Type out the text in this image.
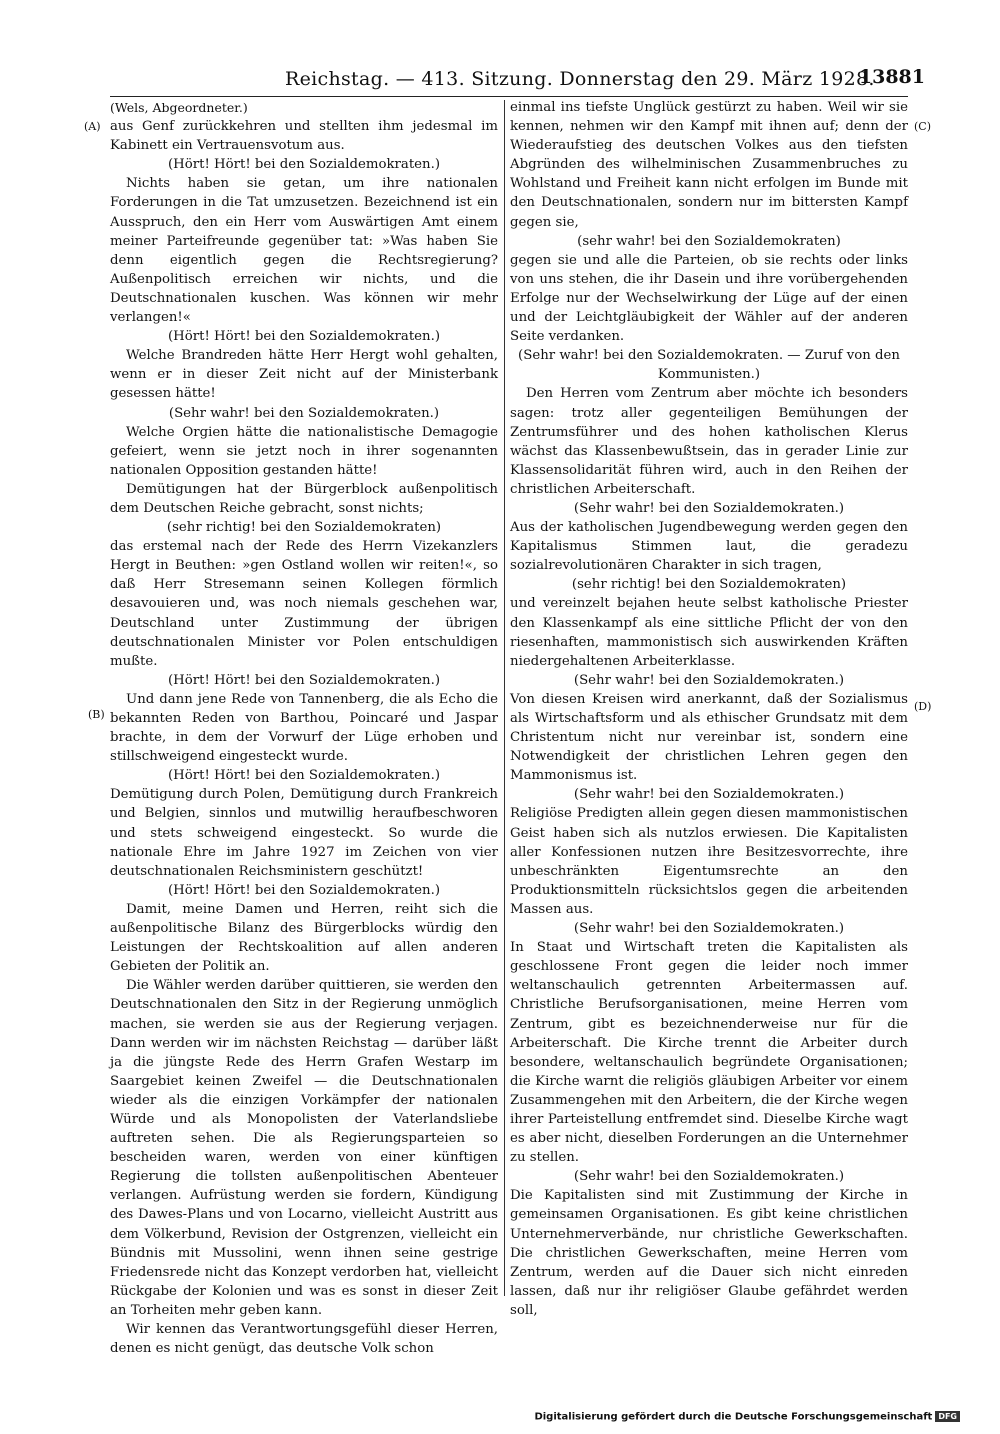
Reichstag. — 413. Sitzung. Donnerstag den 29. März 1928.
13881
(A)
(B)
(C)
(D)

(Wels, Abgeordneter.)

aus Genf zurückkehren und stellten ihm jedesmal im Kabinett ein Vertrauensvotum aus.

(Hört! Hört! bei den Sozialdemokraten.)

Nichts haben sie getan, um ihre nationalen Forderungen in die Tat umzusetzen. Bezeichnend ist ein Ausspruch, den ein Herr vom Auswärtigen Amt einem meiner Parteifreunde gegenüber tat: »Was haben Sie denn eigentlich gegen die Rechtsregierung? Außenpolitisch erreichen wir nichts, und die Deutschnationalen kuschen. Was können wir mehr verlangen!«

(Hört! Hört! bei den Sozialdemokraten.)

Welche Brandreden hätte Herr Hergt wohl gehalten, wenn er in dieser Zeit nicht auf der Ministerbank gesessen hätte!

(Sehr wahr! bei den Sozialdemokraten.)

Welche Orgien hätte die nationalistische Demagogie gefeiert, wenn sie jetzt noch in ihrer sogenannten nationalen Opposition gestanden hätte!

Demütigungen hat der Bürgerblock außenpolitisch dem Deutschen Reiche gebracht, sonst nichts;

(sehr richtig! bei den Sozialdemokraten)

das erstemal nach der Rede des Herrn Vizekanzlers Hergt in Beuthen: »gen Ostland wollen wir reiten!«, so daß Herr Stresemann seinen Kollegen förmlich desavouieren und, was noch niemals geschehen war, Deutschland unter Zustimmung der übrigen deutschnationalen Minister vor Polen entschuldigen mußte.

(Hört! Hört! bei den Sozialdemokraten.)

Und dann jene Rede von Tannenberg, die als Echo die bekannten Reden von Barthou, Poincaré und Jaspar brachte, in dem der Vorwurf der Lüge erhoben und stillschweigend eingesteckt wurde.

(Hört! Hört! bei den Sozialdemokraten.)

Demütigung durch Polen, Demütigung durch Frankreich und Belgien, sinnlos und mutwillig heraufbeschworen und stets schweigend eingesteckt. So wurde die nationale Ehre im Jahre 1927 im Zeichen von vier deutschnationalen Reichsministern geschützt!

(Hört! Hört! bei den Sozialdemokraten.)

Damit, meine Damen und Herren, reiht sich die außenpolitische Bilanz des Bürgerblocks würdig den Leistungen der Rechtskoalition auf allen anderen Gebieten der Politik an.

Die Wähler werden darüber quittieren, sie werden den Deutschnationalen den Sitz in der Regierung unmöglich machen, sie werden sie aus der Regierung verjagen. Dann werden wir im nächsten Reichstag — darüber läßt ja die jüngste Rede des Herrn Grafen Westarp im Saargebiet keinen Zweifel — die Deutschnationalen wieder als die einzigen Vorkämpfer der nationalen Würde und als Monopolisten der Vaterlandsliebe auftreten sehen. Die als Regierungsparteien so bescheiden waren, werden von einer künftigen Regierung die tollsten außenpolitischen Abenteuer verlangen. Aufrüstung werden sie fordern, Kündigung des Dawes-Plans und von Locarno, vielleicht Austritt aus dem Völkerbund, Revision der Ostgrenzen, vielleicht ein Bündnis mit Mussolini, wenn ihnen seine gestrige Friedensrede nicht das Konzept verdorben hat, vielleicht Rückgabe der Kolonien und was es sonst in dieser Zeit an Torheiten mehr geben kann.

Wir kennen das Verantwortungsgefühl dieser Herren, denen es nicht genügt, das deutsche Volk schon

einmal ins tiefste Unglück gestürzt zu haben. Weil wir sie kennen, nehmen wir den Kampf mit ihnen auf; denn der Wiederaufstieg des deutschen Volkes aus den tiefsten Abgründen des wilhelminischen Zusammenbruches zu Wohlstand und Freiheit kann nicht erfolgen im Bunde mit den Deutschnationalen, sondern nur im bittersten Kampf gegen sie,

(sehr wahr! bei den Sozialdemokraten)

gegen sie und alle die Parteien, ob sie rechts oder links von uns stehen, die ihr Dasein und ihre vorübergehenden Erfolge nur der Wechselwirkung der Lüge auf der einen und der Leichtgläubigkeit der Wähler auf der anderen Seite verdanken.

(Sehr wahr! bei den Sozialdemokraten. — Zuruf von den Kommunisten.)

Den Herren vom Zentrum aber möchte ich besonders sagen: trotz aller gegenteiligen Bemühungen der Zentrumsführer und des hohen katholischen Klerus wächst das Klassenbewußtsein, das in gerader Linie zur Klassensolidarität führen wird, auch in den Reihen der christlichen Arbeiterschaft.

(Sehr wahr! bei den Sozialdemokraten.)

Aus der katholischen Jugendbewegung werden gegen den Kapitalismus Stimmen laut, die geradezu sozialrevolutionären Charakter in sich tragen,

(sehr richtig! bei den Sozialdemokraten)

und vereinzelt bejahen heute selbst katholische Priester den Klassenkampf als eine sittliche Pflicht der von den riesenhaften, mammonistisch sich auswirkenden Kräften niedergehaltenen Arbeiterklasse.

(Sehr wahr! bei den Sozialdemokraten.)

Von diesen Kreisen wird anerkannt, daß der Sozialismus als Wirtschaftsform und als ethischer Grundsatz mit dem Christentum nicht nur vereinbar ist, sondern eine Notwendigkeit der christlichen Lehren gegen den Mammonismus ist.

(Sehr wahr! bei den Sozialdemokraten.)

Religiöse Predigten allein gegen diesen mammonistischen Geist haben sich als nutzlos erwiesen. Die Kapitalisten aller Konfessionen nutzen ihre Besitzesvorrechte, ihre unbeschränkten Eigentumsrechte an den Produktionsmitteln rücksichtslos gegen die arbeitenden Massen aus.

(Sehr wahr! bei den Sozialdemokraten.)

In Staat und Wirtschaft treten die Kapitalisten als geschlossene Front gegen die leider noch immer weltanschaulich getrennten Arbeitermassen auf. Christliche Berufsorganisationen, meine Herren vom Zentrum, gibt es bezeichnenderweise nur für die Arbeiterschaft. Die Kirche trennt die Arbeiter durch besondere, weltanschaulich begründete Organisationen; die Kirche warnt die religiös gläubigen Arbeiter vor einem Zusammengehen mit den Arbeitern, die der Kirche wegen ihrer Parteistellung entfremdet sind. Dieselbe Kirche wagt es aber nicht, dieselben Forderungen an die Unternehmer zu stellen.

(Sehr wahr! bei den Sozialdemokraten.)

Die Kapitalisten sind mit Zustimmung der Kirche in gemeinsamen Organisationen. Es gibt keine christlichen Unternehmerverbände, nur christliche Gewerkschaften. Die christlichen Gewerkschaften, meine Herren vom Zentrum, werden auf die Dauer sich nicht einreden lassen, daß nur ihr religiöser Glaube gefährdet werden soll,

Digitalisierung gefördert durch die Deutsche Forschungsgemeinschaft DFG
